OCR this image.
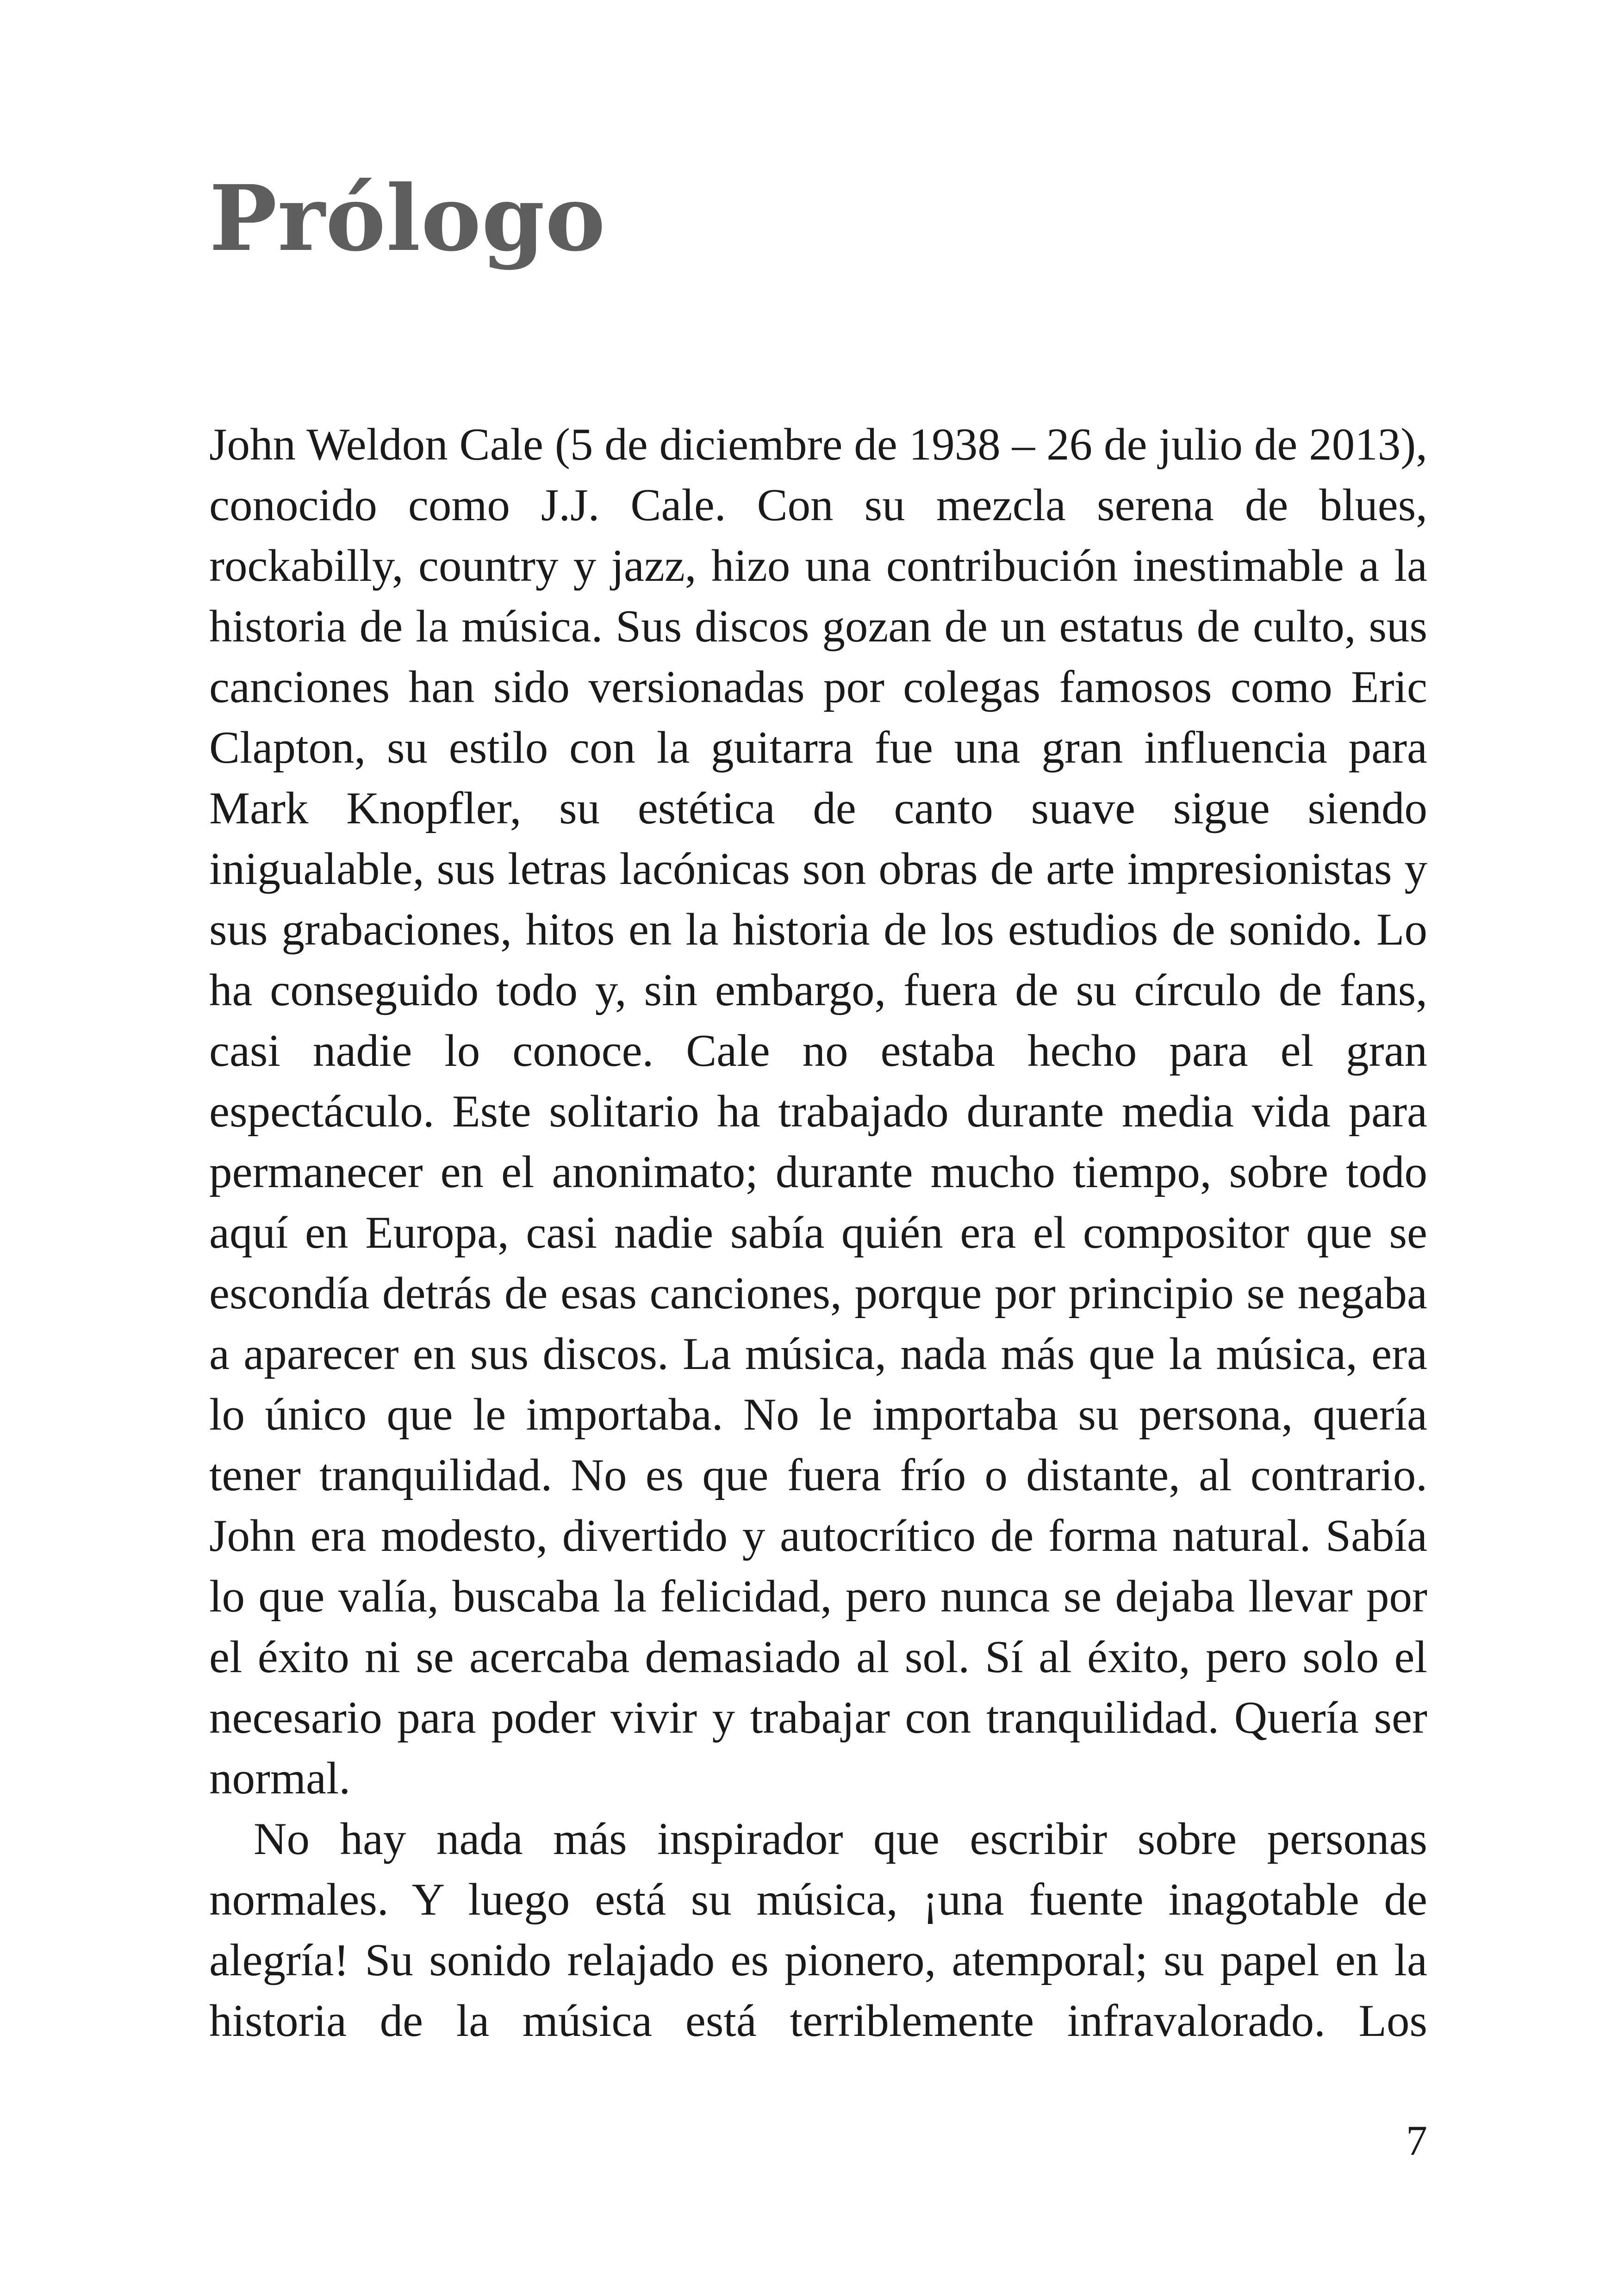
Prólogo

John Weldon Cale (5 de diciembre de 1938 – 26 de julio de 2013), conocido como J.J. Cale. Con su mezcla serena de blues, rockabilly, country y jazz, hizo una contribución inestimable a la historia de la música. Sus discos gozan de un estatus de culto, sus canciones han sido versionadas por colegas famosos como Eric Clapton, su estilo con la guitarra fue una gran influencia para Mark Knopfler, su estética de canto suave sigue siendo inigualable, sus letras lacónicas son obras de arte impresionistas y sus grabaciones, hitos en la historia de los estudios de sonido. Lo ha conseguido todo y, sin embargo, fuera de su círculo de fans, casi nadie lo conoce. Cale no estaba hecho para el gran espectáculo. Este solitario ha trabajado durante media vida para permanecer en el anonimato; durante mucho tiempo, sobre todo aquí en Europa, casi nadie sabía quién era el compositor que se escondía detrás de esas canciones, porque por principio se negaba a aparecer en sus discos. La música, nada más que la música, era lo único que le importaba. No le importaba su persona, quería tener tranquilidad. No es que fuera frío o distante, al contrario. John era modesto, divertido y autocrítico de forma natural. Sabía lo que valía, buscaba la felicidad, pero nunca se dejaba llevar por el éxito ni se acercaba demasiado al sol. Sí al éxito, pero solo el necesario para poder vivir y trabajar con tranquilidad. Quería ser normal.

No hay nada más inspirador que escribir sobre personas normales. Y luego está su música, ¡una fuente inagotable de alegría! Su sonido relajado es pionero, atemporal; su papel en la historia de la música está terriblemente infravalorado. Los

7
